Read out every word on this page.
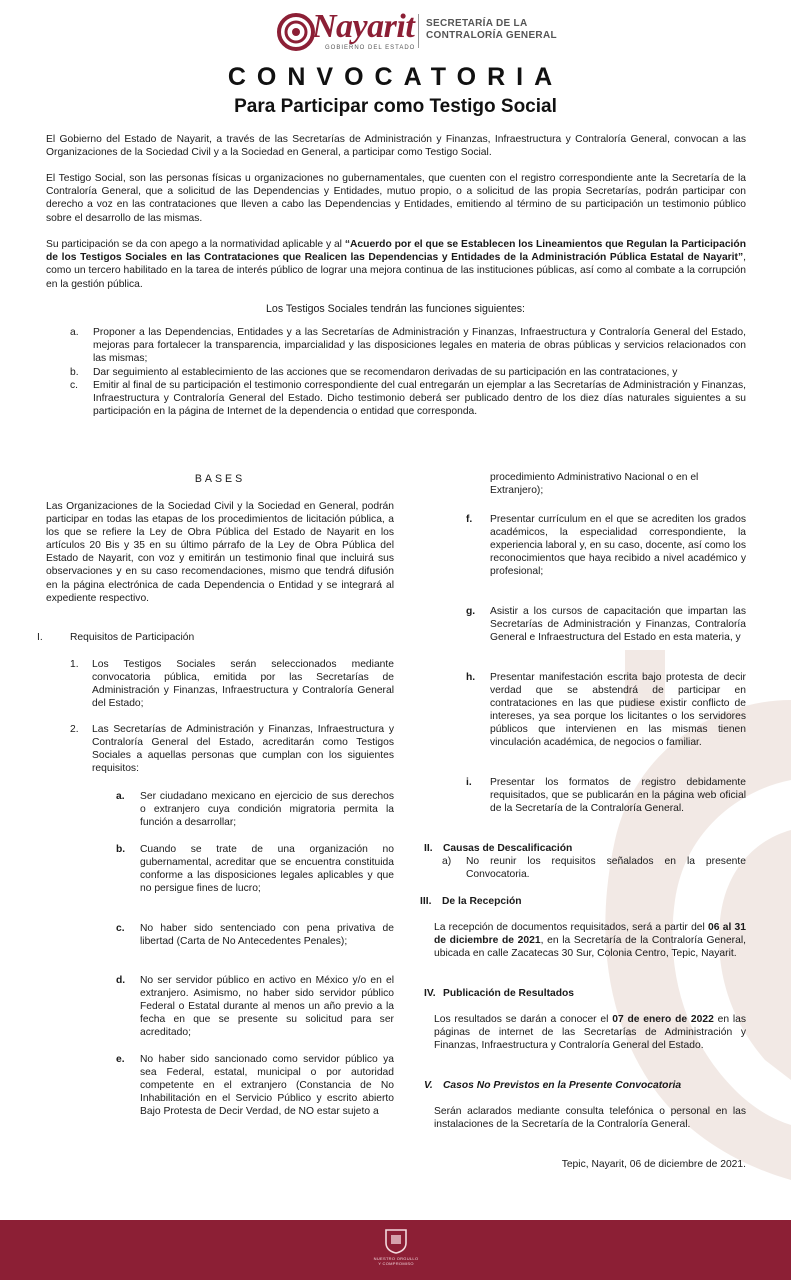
Nayarit
GOBIERNO DEL ESTADO
SECRETARÍA DE LA
CONTRALORÍA GENERAL
CONVOCATORIA
Para Participar como Testigo Social

El Gobierno del Estado de Nayarit, a través de las Secretarías de Administración y Finanzas, Infraestructura y Contraloría General, convocan a las Organizaciones de la Sociedad Civil y a la Sociedad en General, a participar como Testigo Social.

El Testigo Social, son las personas físicas u organizaciones no gubernamentales, que cuenten con el registro correspondiente ante la Secretaría de la Contraloría General, que a solicitud de las Dependencias y Entidades, mutuo propio, o a solicitud de las propia Secretarías, podrán participar con derecho a voz en las contrataciones que lleven a cabo las Dependencias y Entidades, emitiendo al término de su participación un testimonio público sobre el desarrollo de las mismas.

Su participación se da con apego a la normatividad aplicable y al “Acuerdo por el que se Establecen los Lineamientos que Regulan la Participación de los Testigos Sociales en las Contrataciones que Realicen las Dependencias y Entidades de la Administración Pública Estatal de Nayarit”, como un tercero habilitado en la tarea de interés público de lograr una mejora continua de las instituciones públicas, así como al combate a la corrupción en la gestión pública.

Los Testigos Sociales tendrán las funciones siguientes:
a.	Proponer a las Dependencias, Entidades y a las Secretarías de Administración y Finanzas, Infraestructura y Contraloría General del Estado, mejoras para fortalecer la transparencia, imparcialidad y las disposiciones legales en materia de obras públicas y servicios relacionados con las mismas;
b.	Dar seguimiento al establecimiento de las acciones que se recomendaron derivadas de su participación en las contrataciones, y
c.	Emitir al final de su participación el testimonio correspondiente del cual entregarán un ejemplar a las Secretarías de Administración y Finanzas, Infraestructura y Contraloría General del Estado. Dicho testimonio deberá ser publicado dentro de los diez días naturales siguientes a su participación en la página de Internet de la dependencia o entidad que corresponda.
BASES
Las Organizaciones de la Sociedad Civil y la Sociedad en General, podrán participar en todas las etapas de los procedimientos de licitación pública, a los que se refiere la Ley de Obra Pública del Estado de Nayarit en los artículos 20 Bis y 35 en su último párrafo de la Ley de Obra Pública del Estado de Nayarit, con voz y emitirán un testimonio final que incluirá sus observaciones y en su caso recomendaciones, mismo que tendrá difusión en la página electrónica de cada Dependencia o Entidad y se integrará al expediente respectivo.
I.	Requisitos de Participación
1.	Los Testigos Sociales serán seleccionados mediante convocatoria pública, emitida por las Secretarías de Administración y Finanzas, Infraestructura y Contraloría General del Estado;
2.	Las Secretarías de Administración y Finanzas, Infraestructura y Contraloría General del Estado, acreditarán como Testigos Sociales a aquellas personas que cumplan con los siguientes requisitos:
a.	Ser ciudadano mexicano en ejercicio de sus derechos o extranjero cuya condición migratoria permita la función a desarrollar;
b.	Cuando se trate de una organización no gubernamental, acreditar que se encuentra constituida conforme a las disposiciones legales aplicables y que no persigue fines de lucro;
c.	No haber sido sentenciado con pena privativa de libertad (Carta de No Antecedentes Penales);
d.	No ser servidor público en activo en México y/o en el extranjero. Asimismo, no haber sido servidor público Federal o Estatal durante al menos un año previo a la fecha en que se presente su solicitud para ser acreditado;
e.	No haber sido sancionado como servidor público ya sea Federal, estatal, municipal o por autoridad competente en el extranjero (Constancia de No Inhabilitación en el Servicio Público y escrito abierto Bajo Protesta de Decir Verdad, de NO estar sujeto a
procedimiento Administrativo Nacional o en el Extranjero);
f.	Presentar currículum en el que se acrediten los grados académicos, la especialidad correspondiente, la experiencia laboral y, en su caso, docente, así como los reconocimientos que haya recibido a nivel académico y profesional;
g.	Asistir a los cursos de capacitación que impartan las Secretarías de Administración y Finanzas, Contraloría General e Infraestructura del Estado en esta materia, y
h.	Presentar manifestación escrita bajo protesta de decir verdad que se abstendrá de participar en contrataciones en las que pudiese existir conflicto de intereses, ya sea porque los licitantes o los servidores públicos que intervienen en las mismas tienen vinculación académica, de negocios o familiar.
i.	Presentar los formatos de registro debidamente requisitados, que se publicarán en la página web oficial de la Secretaría de la Contraloría General.
II.	Causas de Descalificación
a)	No reunir los requisitos señalados en la presente Convocatoria.
III.	De la Recepción

La recepción de documentos requisitados, será a partir del 06 al 31 de diciembre de 2021, en la Secretaría de la Contraloría General, ubicada en calle Zacatecas 30 Sur, Colonia Centro, Tepic, Nayarit.

IV. Publicación de Resultados

Los resultados se darán a conocer el 07 de enero de 2022 en las páginas de internet de las Secretarías de Administración y Finanzas, Infraestructura y Contraloría General del Estado.

V. Casos No Previstos en la Presente Convocatoria

Serán aclarados mediante consulta telefónica o personal en las instalaciones de la Secretaría de la Contraloría General.

Tepic, Nayarit, 06 de diciembre de 2021.
NUESTRO ORGULLO
Y COMPROMISO
